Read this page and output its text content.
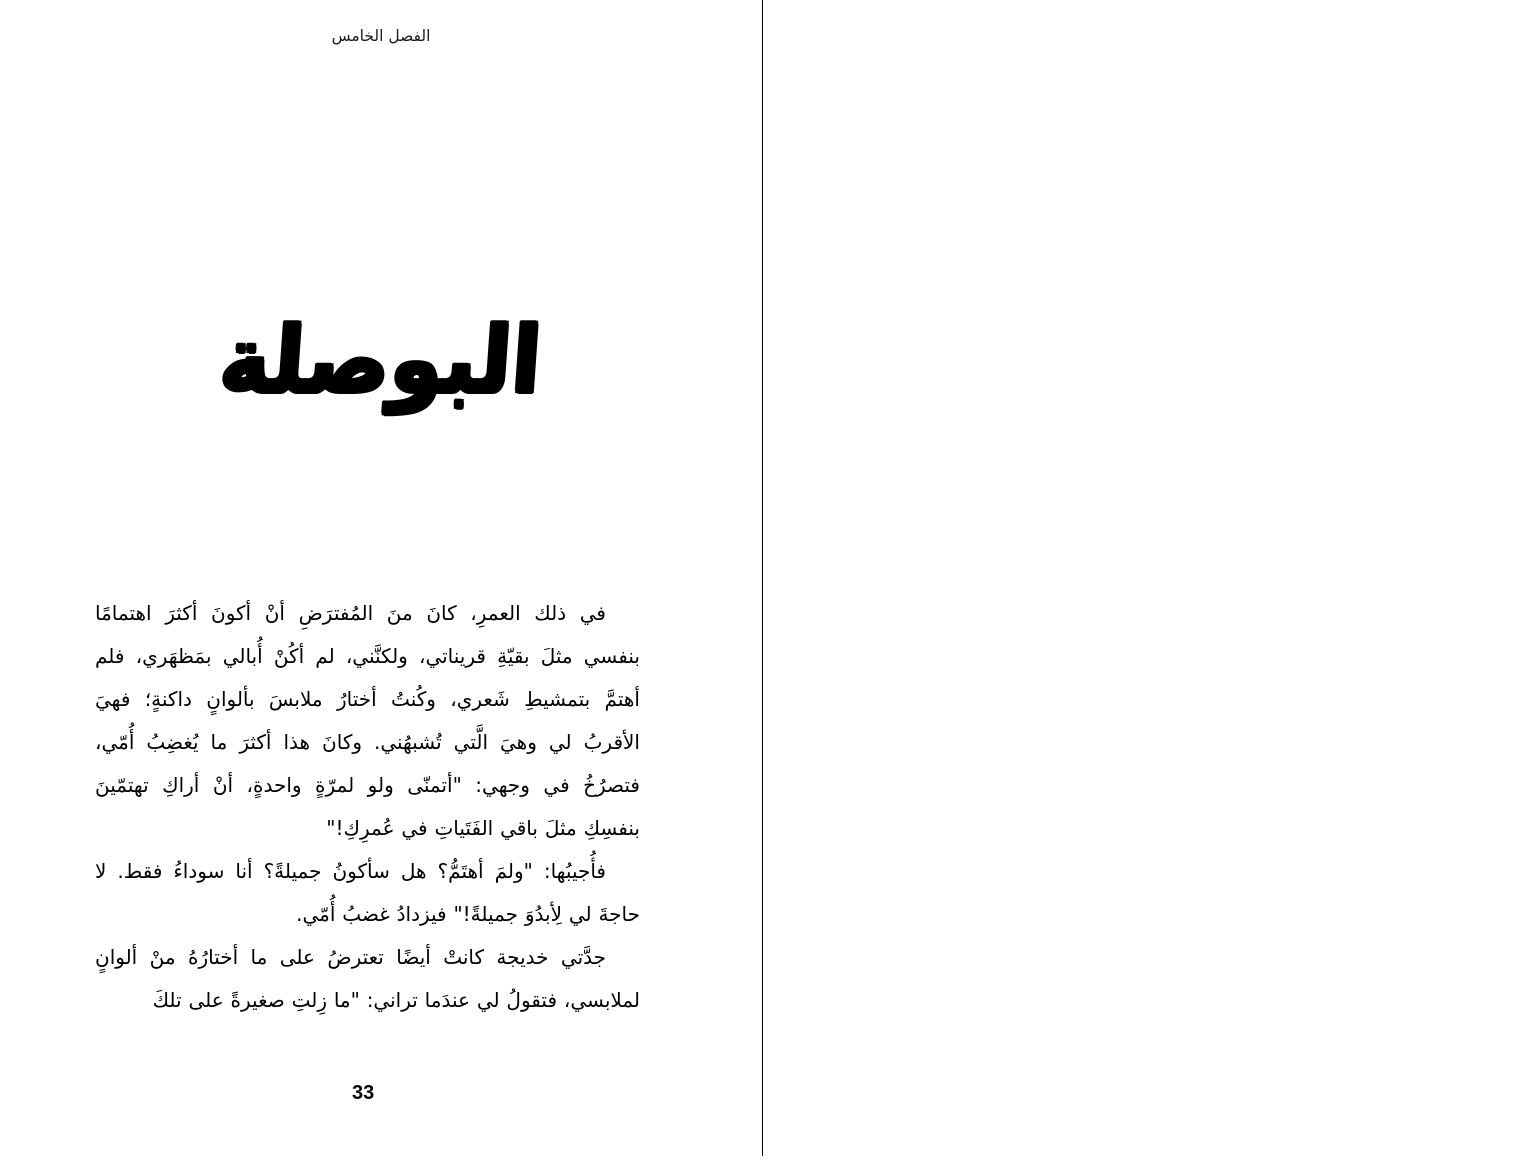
الفصل الخامس
البوصلة

في ذلك العمرِ، كانَ منَ المُفترَضِ أنْ أكونَ أكثرَ اهتمامًا بنفسي مثلَ بقيّةِ قريناتي، ولكنَّني، لم أكُنْ أُبالي بمَظهَري، فلم أهتمَّ بتمشيطِ شَعري، وكُنتُ أختارُ ملابسَ بألوانٍ داكنةٍ؛ فهيَ الأقربُ لي وهيَ الَّتي تُشبهُني. وكانَ هذا أكثرَ ما يُغضِبُ أُمّي، فتصرُخُ في وجهي: "أتمنّى ولو لمرّةٍ واحدةٍ، أنْ أراكِ تهتمّينَ بنفسِكِ مثلَ باقي الفَتَياتِ في عُمرِكِ!"

فأُجيبُها: "ولمَ أهتَمُّ؟ هل سأكونُ جميلةً؟ أنا سوداءُ فقط. لا حاجةَ لي لِأبدُوَ جميلةً!" فيزدادُ غضبُ أُمّي.

جدَّتي خديجة كانتْ أيضًا تعترضُ على ما أختارُهُ منْ ألوانٍ لملابسي، فتقولُ لي عندَما تراني: "ما زِلتِ صغيرةً على تلكَ

33
